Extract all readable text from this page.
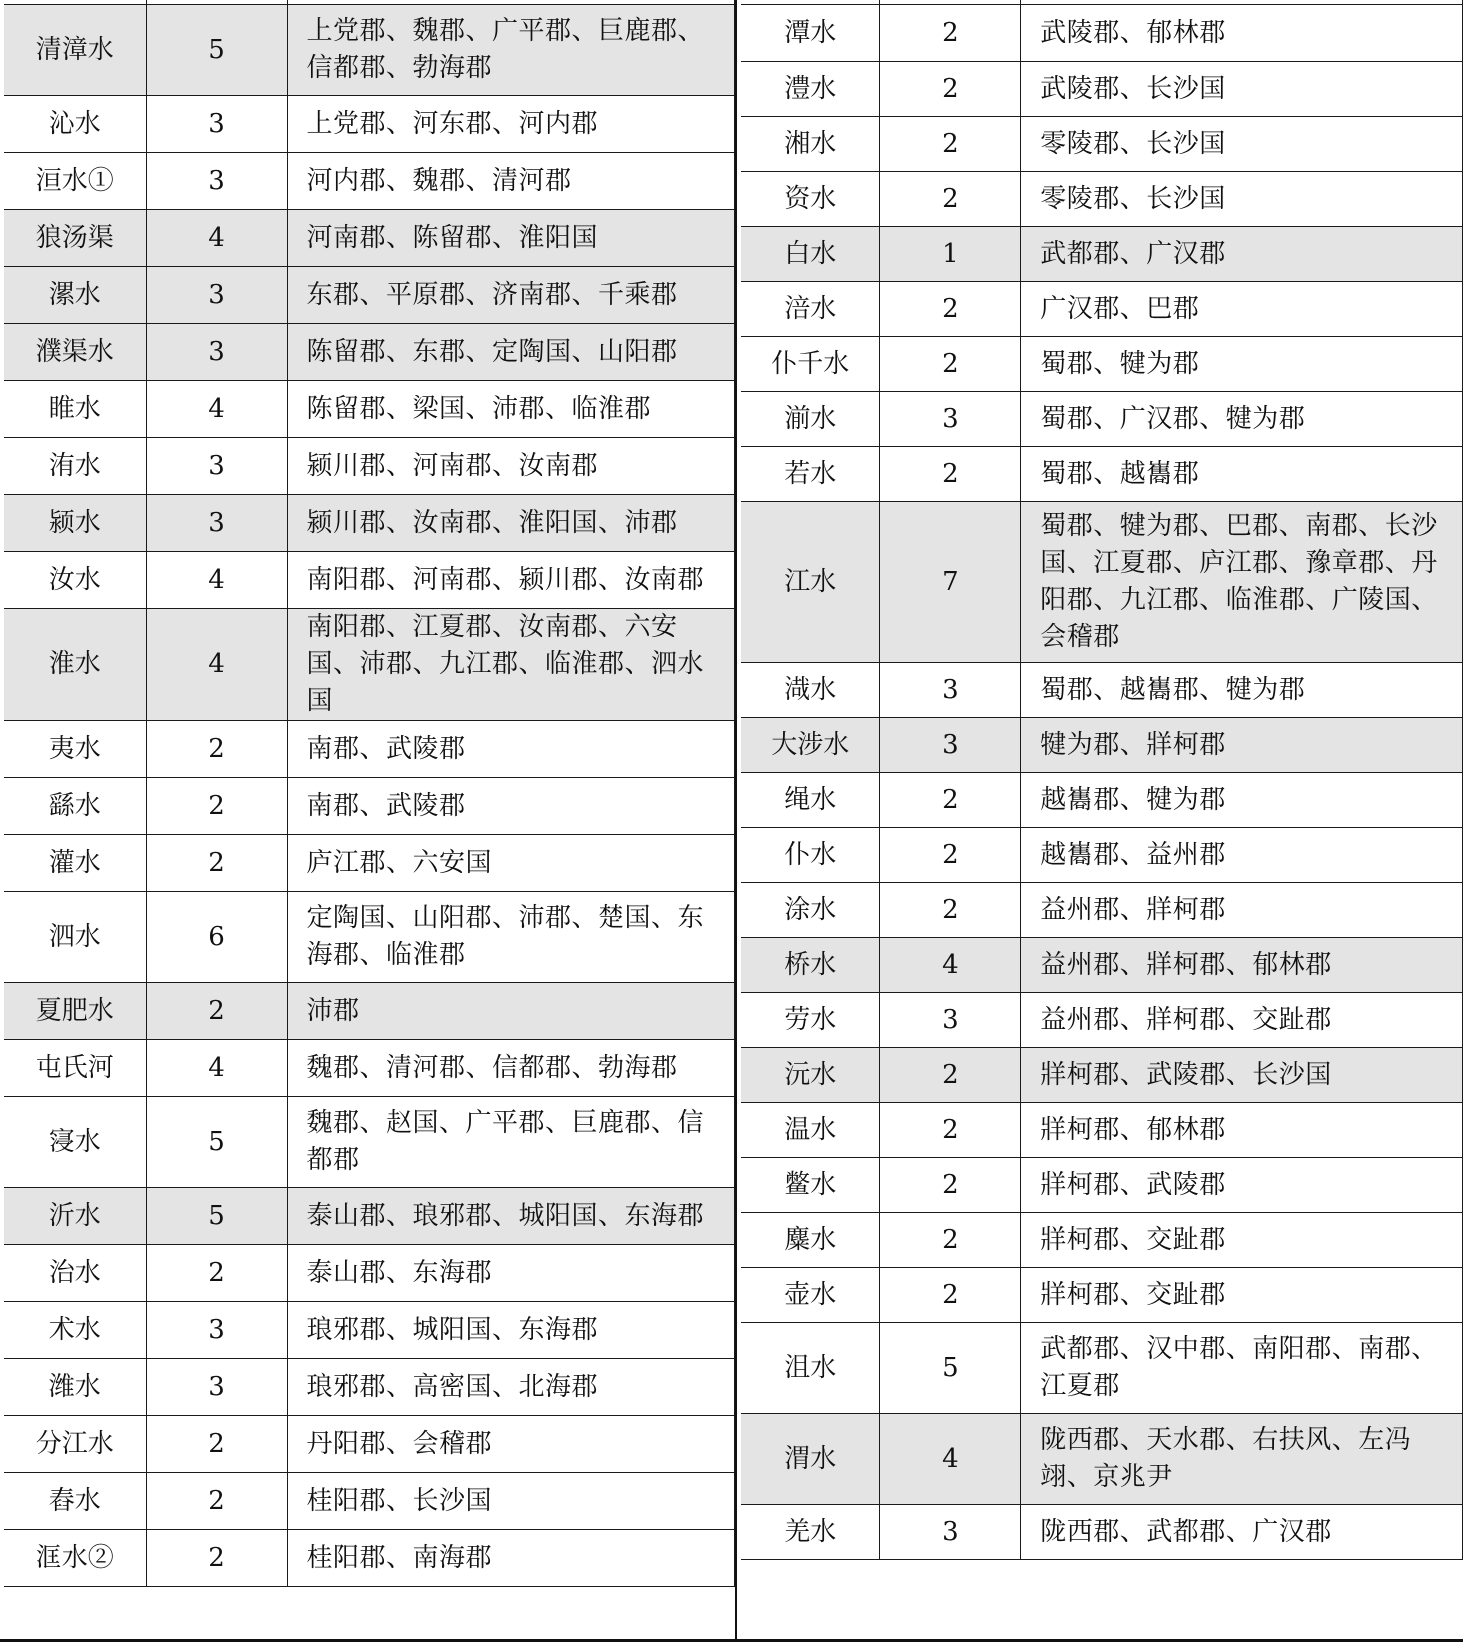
清漳水	5	上党郡、魏郡、广平郡、巨鹿郡、信都郡、勃海郡
沁水	3	上党郡、河东郡、河内郡
洹水①	3	河内郡、魏郡、清河郡
狼汤渠	4	河南郡、陈留郡、淮阳国
漯水	3	东郡、平原郡、济南郡、千乘郡
濮渠水	3	陈留郡、东郡、定陶国、山阳郡
睢水	4	陈留郡、梁国、沛郡、临淮郡
洧水	3	颍川郡、河南郡、汝南郡
颍水	3	颍川郡、汝南郡、淮阳国、沛郡
汝水	4	南阳郡、河南郡、颍川郡、汝南郡
淮水	4	南阳郡、江夏郡、汝南郡、六安国、沛郡、九江郡、临淮郡、泗水国
夷水	2	南郡、武陵郡
繇水	2	南郡、武陵郡
灌水	2	庐江郡、六安国
泗水	6	定陶国、山阳郡、沛郡、楚国、东海郡、临淮郡
夏肥水	2	沛郡
屯氏河	4	魏郡、清河郡、信都郡、勃海郡
寖水	5	魏郡、赵国、广平郡、巨鹿郡、信都郡
沂水	5	泰山郡、琅邪郡、城阳国、东海郡
治水	2	泰山郡、东海郡
术水	3	琅邪郡、城阳国、东海郡
潍水	3	琅邪郡、高密国、北海郡
分江水	2	丹阳郡、会稽郡
舂水	2	桂阳郡、长沙国
洭水②	2	桂阳郡、南海郡

潭水	2	武陵郡、郁林郡
澧水	2	武陵郡、长沙国
湘水	2	零陵郡、长沙国
资水	2	零陵郡、长沙国
白水	1	武都郡、广汉郡
涪水	2	广汉郡、巴郡
仆千水	2	蜀郡、犍为郡
湔水	3	蜀郡、广汉郡、犍为郡
若水	2	蜀郡、越巂郡
江水	7	蜀郡、犍为郡、巴郡、南郡、长沙国、江夏郡、庐江郡、豫章郡、丹阳郡、九江郡、临淮郡、广陵国、会稽郡
渽水	3	蜀郡、越巂郡、犍为郡
大涉水	3	犍为郡、牂柯郡
绳水	2	越巂郡、犍为郡
仆水	2	越巂郡、益州郡
涂水	2	益州郡、牂柯郡
桥水	4	益州郡、牂柯郡、郁林郡
劳水	3	益州郡、牂柯郡、交趾郡
沅水	2	牂柯郡、武陵郡、长沙国
温水	2	牂柯郡、郁林郡
鳖水	2	牂柯郡、武陵郡
麋水	2	牂柯郡、交趾郡
壶水	2	牂柯郡、交趾郡
沮水	5	武都郡、汉中郡、南阳郡、南郡、江夏郡
渭水	4	陇西郡、天水郡、右扶风、左冯翊、京兆尹
羌水	3	陇西郡、武都郡、广汉郡
